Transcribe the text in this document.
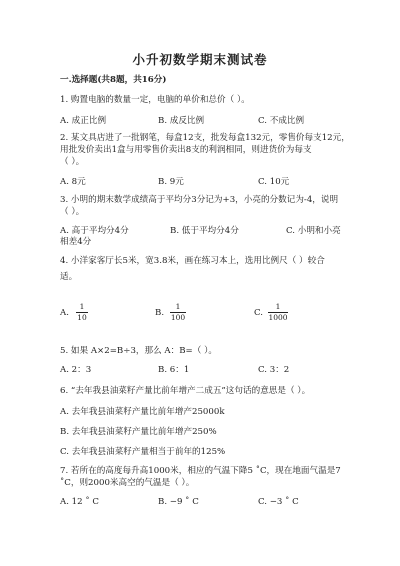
小升初数学期末测试卷
一.选择题(共8题，共16分)
1. 购置电脑的数量一定，电脑的单价和总价（ ）。
A. 成正比例	B. 成反比例	C. 不成比例
2. 某文具店进了一批钢笔，每盒12支，批发每盒132元，零售价每支12元，
用批发价卖出1盒与用零售价卖出8支的利润相同，则进货价为每支
（ ）。
A. 8元	B. 9元	C. 10元
3. 小明的期末数学成绩高于平均分3分记为+3，小亮的分数记为-4，说明
（ ）。
A. 高于平均分4分	B. 低于平均分4分	C. 小明和小亮
相差4分
4. 小洋家客厅长5米，宽3.8米，画在练习本上，选用比例尺（ ）较合
适。
A.
1
10	B.
1
100	C.
1
1000
5. 如果 A×2=B÷3，那么 A：B=（ ）。
A. 2：3	B. 6：1	C. 3：2
6. “去年我县油菜籽产量比前年增产二成五”这句话的意思是（ ）。
A. 去年我县油菜籽产量比前年增产25000k
B. 去年我县油菜籽产量比前年增产250%
C. 去年我县油菜籽产量相当于前年的125%
7. 若所在的高度每升高1000米，相应的气温下降5 ˚C，现在地面气温是7
˚C，则2000米高空的气温是（ ）。
A. 12 ˚ C	B. −9 ˚ C	C. −3 ˚ C
